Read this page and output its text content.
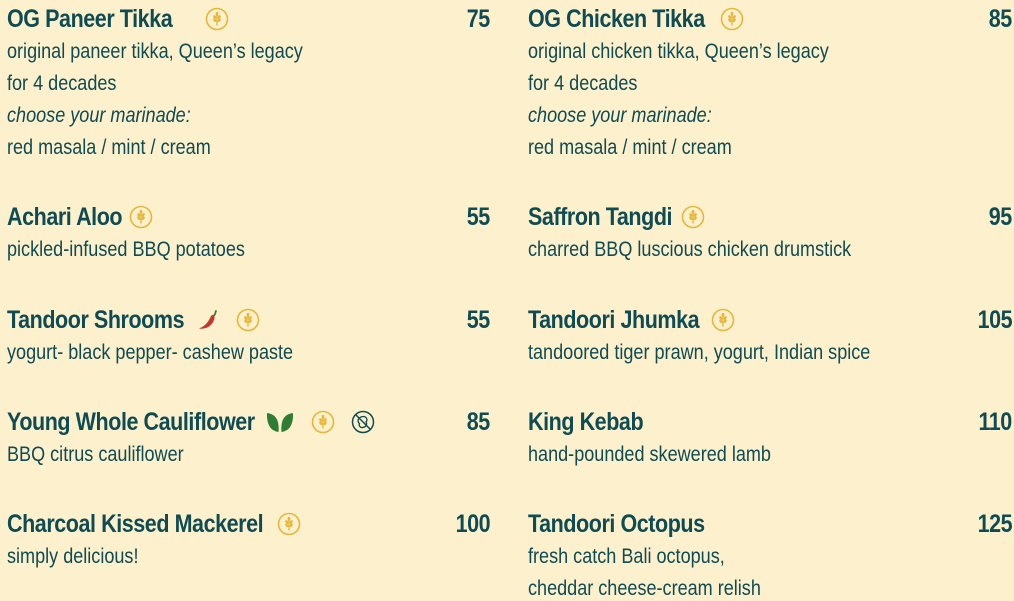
OG Paneer Tikka	75
original paneer tikka, Queen’s legacy
for 4 decades
choose your marinade:
red masala / mint / cream
Achari Aloo	55
pickled-infused BBQ potatoes
Tandoor Shrooms	55
yogurt- black pepper- cashew paste
Young Whole Cauliflower	85
BBQ citrus cauliflower
Charcoal Kissed Mackerel	100
simply delicious!
OG Chicken Tikka	85
original chicken tikka, Queen’s legacy
for 4 decades
choose your marinade:
red masala / mint / cream
Saffron Tangdi	95
charred BBQ luscious chicken drumstick
Tandoori Jhumka	105
tandoored tiger prawn, yogurt, Indian spice
King Kebab	110
hand-pounded skewered lamb
Tandoori Octopus	125
fresh catch Bali octopus,
cheddar cheese-cream relish
